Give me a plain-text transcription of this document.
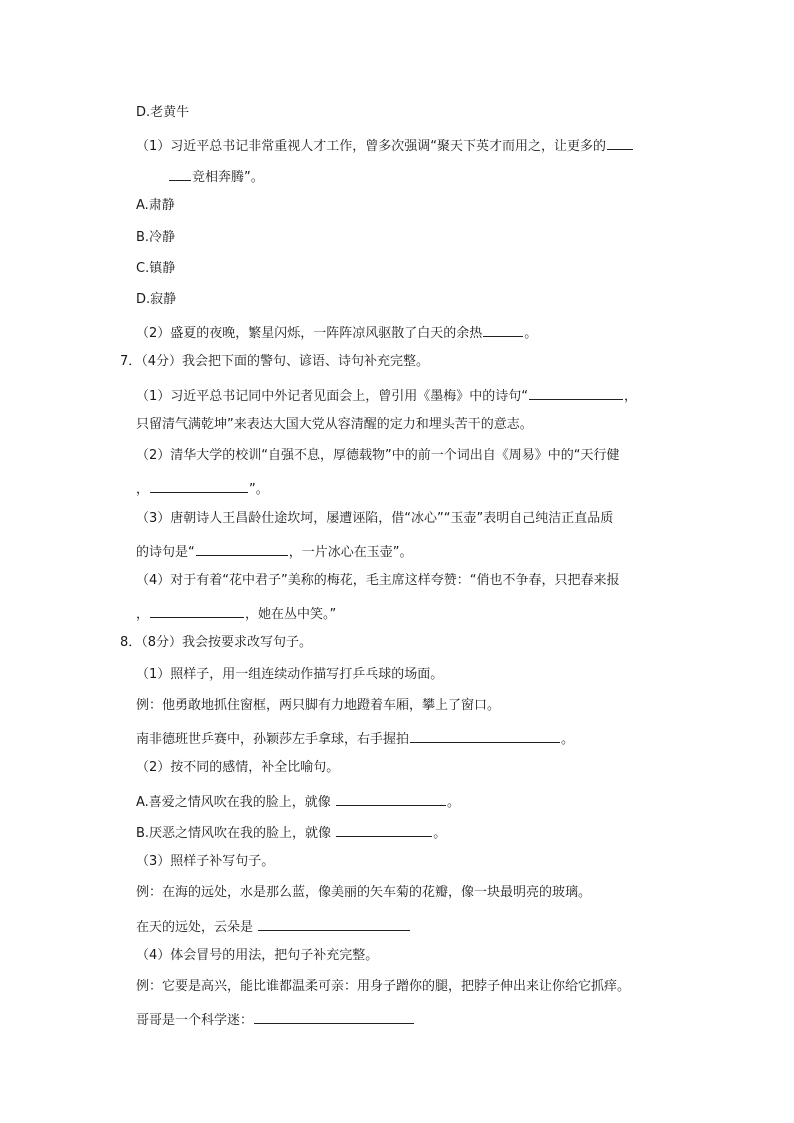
D.老黄牛
（1）习近平总书记非常重视人才工作，曾多次强调“聚天下英才而用之，让更多的
竞相奔腾”。
A.肃静
B.冷静
C.镇静
D.寂静
（2）盛夏的夜晚，繁星闪烁，一阵阵凉风驱散了白天的余热	。
7．（4分）我会把下面的警句、谚语、诗句补充完整。
（1）习近平总书记同中外记者见面会上，曾引用《墨梅》中的诗句“	，
只留清气满乾坤”来表达大国大党从容清醒的定力和埋头苦干的意志。
（2）清华大学的校训“自强不息，厚德载物”中的前一个词出自《周易》中的“天行健
，	”。
（3）唐朝诗人王昌龄仕途坎坷，屡遭诬陷，借“冰心”“玉壶”表明自己纯洁正直品质
的诗句是“	，一片冰心在玉壶”。
（4）对于有着“花中君子”美称的梅花，毛主席这样夸赞：“俏也不争春，只把春来报
，	，她在丛中笑。”
8．（8分）我会按要求改写句子。
（1）照样子，用一组连续动作描写打乒乓球的场面。
例：他勇敢地抓住窗框，两只脚有力地蹬着车厢，攀上了窗口。
南非德班世乒赛中，孙颖莎左手拿球，右手握拍	。
（2）按不同的感情，补全比喻句。
A.喜爱之情风吹在我的脸上，就像	。
B.厌恶之情风吹在我的脸上，就像	。
（3）照样子补写句子。
例：在海的远处，水是那么蓝，像美丽的矢车菊的花瓣，像一块最明亮的玻璃。
在天的远处，云朵是
（4）体会冒号的用法，把句子补充完整。
例：它要是高兴，能比谁都温柔可亲：用身子蹭你的腿，把脖子伸出来让你给它抓痒。
哥哥是一个科学迷：
